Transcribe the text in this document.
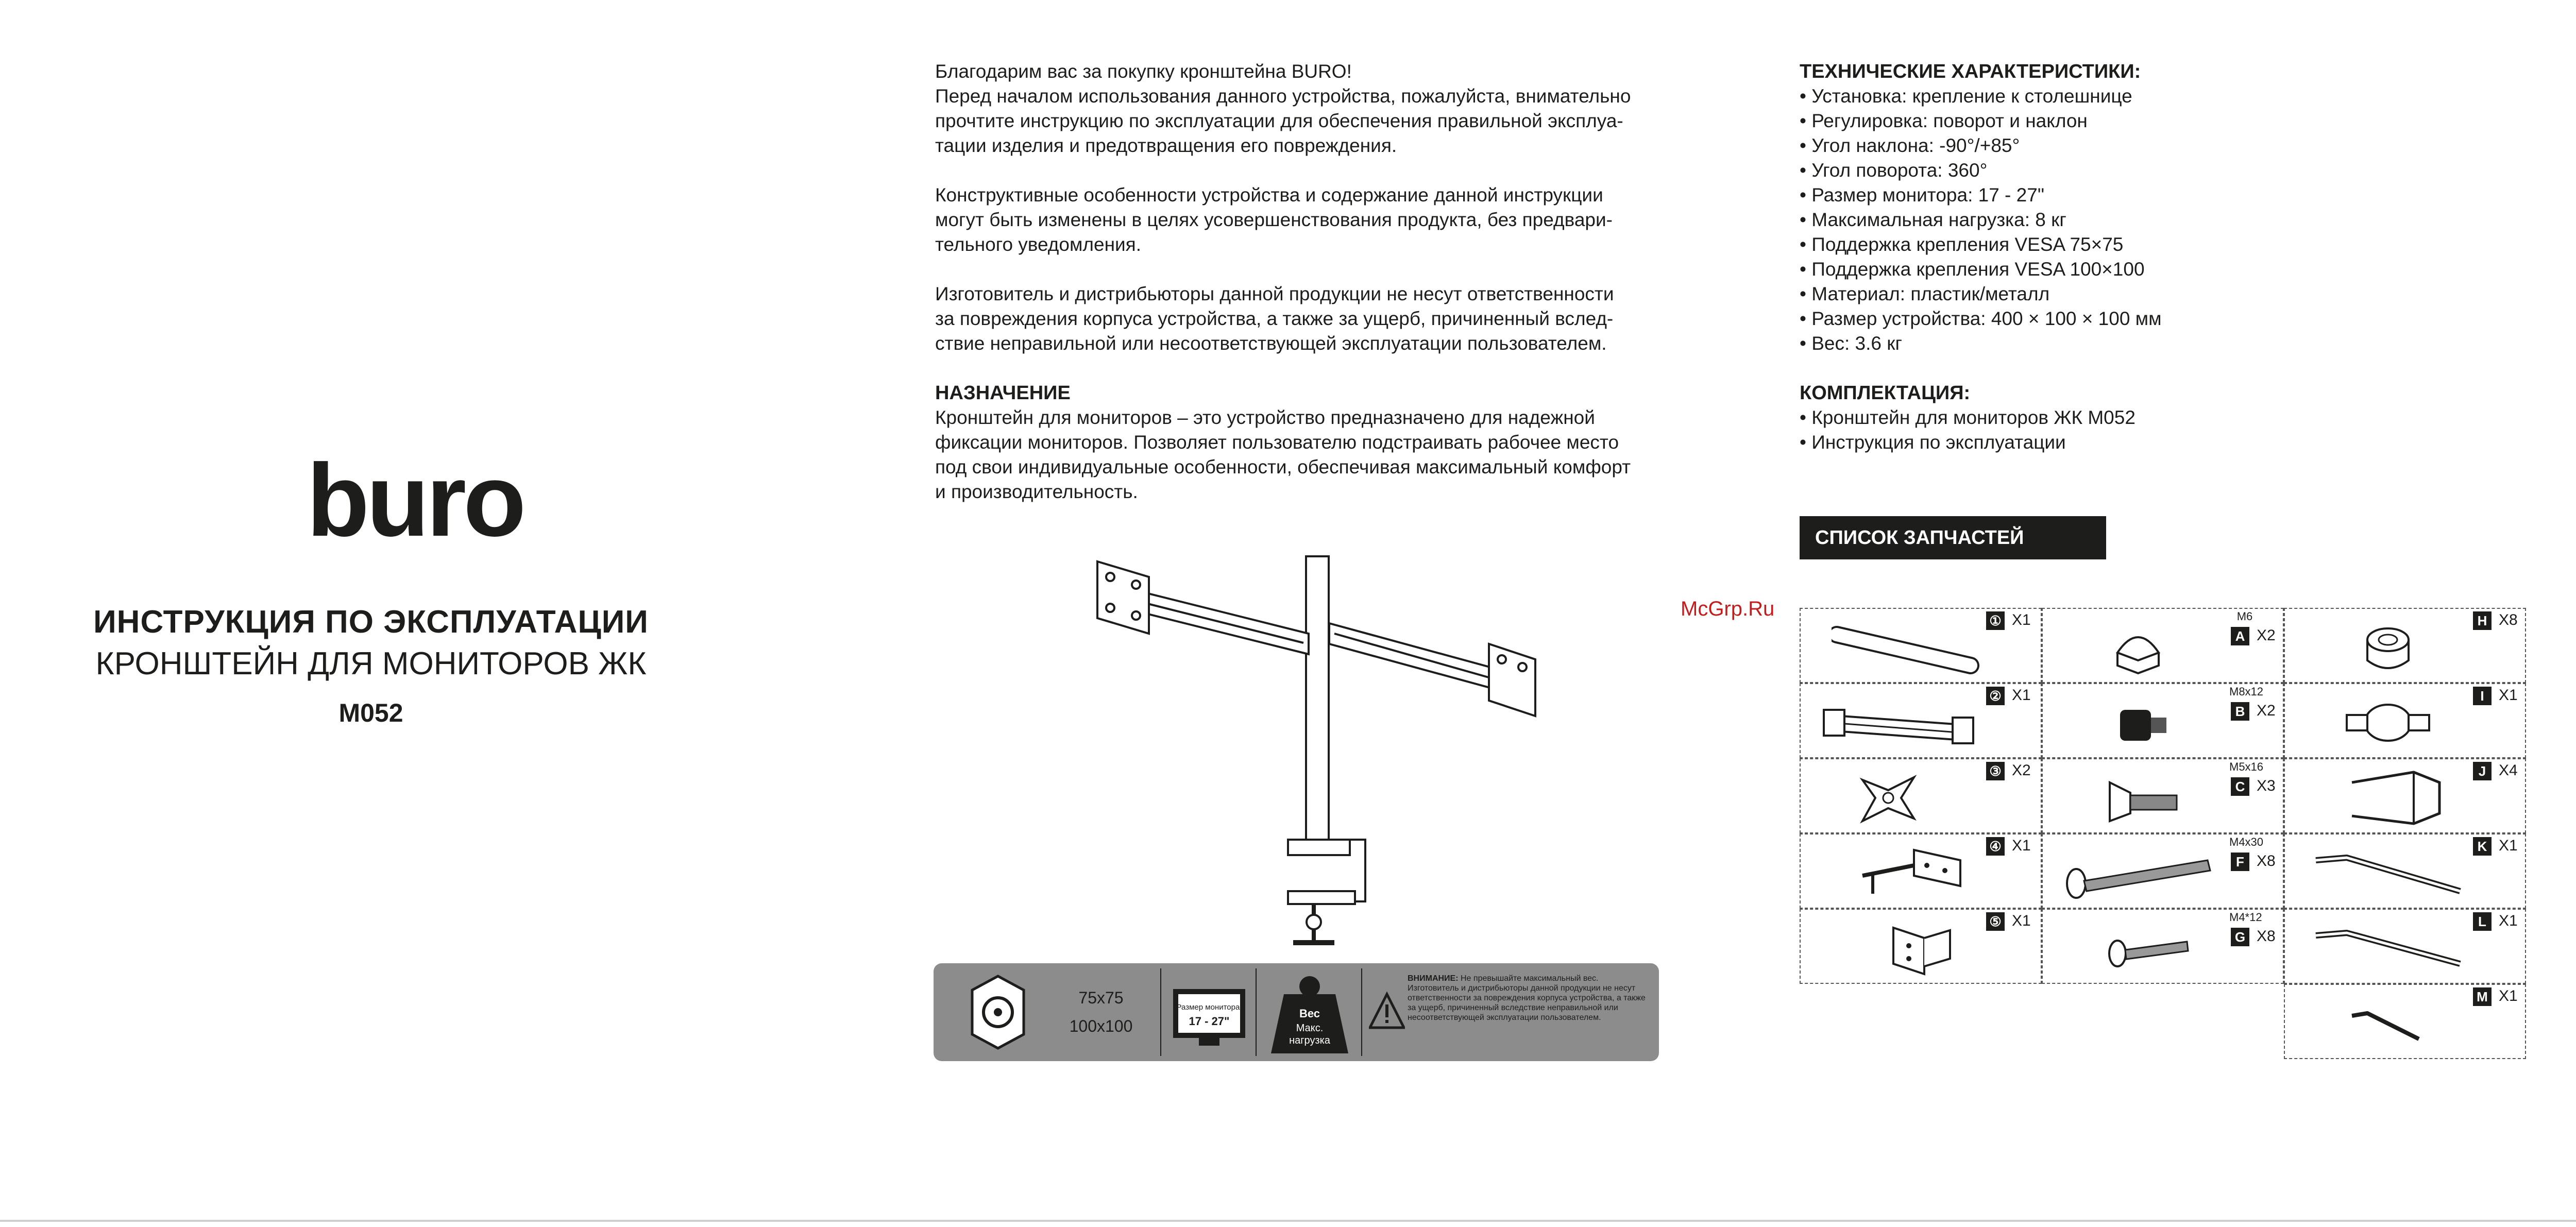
buro
ИНСТРУКЦИЯ ПО ЭКСПЛУАТАЦИИ
КРОНШТЕЙН ДЛЯ МОНИТОРОВ ЖК
M052

Благодарим вас за покупку кронштейна BURO!

Перед началом использования данного устройства, пожалуйста, внимательно

прочтите инструкцию по эксплуатации для обеспечения правильной эксплуа-

тации изделия и предотвращения его повреждения.

Конструктивные особенности устройства и содержание данной инструкции

могут быть изменены в целях усовершенствования продукта, без предвари-

тельного уведомления.

Изготовитель и дистрибьюторы данной продукции не несут ответственности

за повреждения корпуса устройства, а также за ущерб, причиненный вслед-

ствие неправильной или несоответствующей эксплуатации пользователем.

НАЗНАЧЕНИЕ

Кронштейн для мониторов – это устройство предназначено для надежной

фиксации мониторов. Позволяет пользователю подстраивать рабочее место

под свои индивидуальные особенности, обеспечивая максимальный комфорт

и производительность.

75x75
100x100
Размер монитора:
17 - 27"
Вес
Макс.
нагрузка
ВНИМАНИЕ: Не превышайте максимальный вес. Изготовитель и дистрибьюторы данной продукции не несут ответственности за повреждения корпуса устройства, а также за ущерб, причиненный вследствие неправильной или несоответствующей эксплуатации пользователем.
ТЕХНИЧЕСКИЕ ХАРАКТЕРИСТИКИ:
• Установка: крепление к столешнице
• Регулировка: поворот и наклон
• Угол наклона: -90°/+85°
• Угол поворота: 360°
• Размер монитора: 17 - 27"
• Максимальная нагрузка: 8 кг
• Поддержка крепления VESA 75×75
• Поддержка крепления VESA 100×100
• Материал: пластик/металл
• Размер устройства: 400 × 100 × 100 мм
• Вес: 3.6 кг
КОМПЛЕКТАЦИЯ:
• Кронштейн для мониторов ЖК M052
• Инструкция по эксплуатации
СПИСОК ЗАПЧАСТЕЙ
McGrp.Ru
① X1
② X1
③ X2
④ X1
⑤ X1
M6
A X2
M8x12
B X2
M5x16
C X3
M4x30
F X8
M4*12
G X8
H X8
I X1
J X4
K X1
L X1
M X1
